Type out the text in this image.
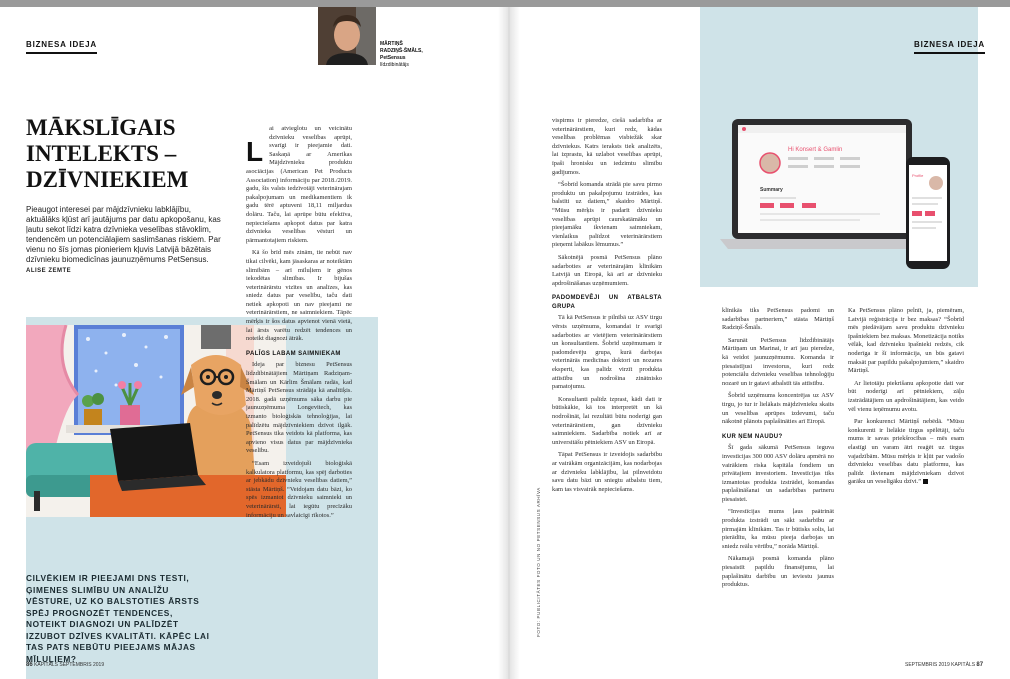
BIZNESA IDEJA	BIZNESA IDEJA
MĀRTIŅŠ
RADZIŅŠ-ŠMĀLS,
PetSensus
līdzdibinātājs
MĀKSLĪGAIS
INTELEKTS –
DZĪVNIEKIEM
Pieaugot interesei par mājdzīvnieku labklājību, aktuālāks kļūst arī jautājums par datu apkopošanu, kas ļautu sekot līdzi katra dzīvnieka veselības stāvoklim, tendencēm un potenciālajiem saslimšanas riskiem. Par vienu no šīs jomas pionieriem kļuvis Latvijā bāzētais dzīvnieku biomedicīnas jaunuzņēmums PetSensus. ALISE ZEMTE
CILVĒKIEM IR PIEEJAMI DNS TESTI, ĢIMENES SLIMĪBU UN ANALĪŽU VĒSTURE, UZ KO BALSTOTIES ĀRSTS SPĒJ PROGNOZĒT TENDENCES, NOTEIKT DIAGNOZI UN PALĪDZĒT IZZUBOT DZĪVES KVALITĀTI. KĀPĒC LAI TAS PATS NEBŪTU PIEEJAMS MĀJAS MĪLUĻIEM?
L

ai atvieglotu un veicinātu dzīvnieku veselības aprūpi, svarīgi ir pieejamie dati. Saskaņā ar Amerikas Mājdzīvnieku produktu asociācijas (American Pet Products Association) informāciju par 2018./2019. gadu, šis valsts iedzīvotāji veterinārajam pakalpojumam un medikamentiem ik gadu tērē aptuveni 18,11 miljardus dolāru. Taču, lai aprūpe būtu efektīva, nepieciešams apkopot datus par katra dzīvnieka veselības vēsturi un pārmantotajiem riskiem.

Kā šo brīd mēs zinām, tie nebūt nav tikai cilvēki, kam jāsaskaras ar noteiktām slimībām – arī mīluļiem ir gēnos iekodētas slimības. Ir bijušas veterinārārstu vizītes un analīzes, kas sniedz datus par veselību, taču dati netiek apkopoti un nav pieejami ne veterinārārstiem, ne saimniekiem. Tāpēc mērķis ir šos datus apvienot vienā vietā, lai ārsts varētu redzēt tendences un noteikt diagnozi ātrāk.

PALĪGS LABAM SAIMNIEKAM

Ideja par biznesu PetSensus līdzdibinātājiem Mārtiņam Radziņam-Šmālam un Kārlim Šmālam radās, kad Mārtiņš PetSensus strādāja kā analītiķis. 2018. gadā uzņēmums sāka darbu pie jaunuzņēmuma Longevitech, kas izmanto bioloģiskās tehnoloģijas, lai palīdzētu mājdzīvniekiem dzīvot ilgāk. PetSensus tika veidots kā platforma, kas apvieno visus datus par mājdzīvnieka veselību.

“Esam izveidojuši bioloģiskā kalkulatora platformu, kas spēj darboties ar jebkādu dzīvnieku veselības datiem,” stāsta Mārtiņš. “Veidojam datu bāzi, ko spēs izmantot dzīvnieku saimnieki un veterinārārsti, lai iegūtu precīzāku informāciju un savlaicīgi rīkotos.”

vispirms ir pieredze, ciešā sadarbība ar veterinārārstiem, kuri redz, kādas veselības problēmas visbiežāk skar dzīvniekus. Katrs ieraksts tiek analizēts, lai izprastu, kā uzlabot veselības aprūpi, īpaši hronisku un iedzimtu slimību gadījumos.

“Šobrīd komanda strādā pie savu pirmo produktu un pakalpojumu izstrādes, kas balstīti uz datiem,” skaidro Mārtiņš. “Mūsu mērķis ir padarīt dzīvnieku veselības aprūpi caurskatāmāku un pieejamāku ikvienam saimniekam, vienlaikus palīdzot veterinārārstiem pieņemt labākus lēmumus.”

Sākotnējā posmā PetSensus plāno sadarboties ar veterinārajām klīnikām Latvijā un Eiropā, kā arī ar dzīvnieku apdrošināšanas uzņēmumiem.

PADOMDEVĒJI UN ATBALSTA GRUPA

Tā kā PetSensus ir pilnībā uz ASV tirgu vērsts uzņēmums, komandai ir svarīgi sadarboties ar vietējiem veterinārārstiem un konsultantiem. Šobrīd uzņēmumam ir padomdevēju grupa, kurā darbojas veterinārās medicīnas doktori un nozares eksperti, kas palīdz virzīt produkta attīstību un nodrošina zinātnisko pamatojumu.

Konsultanti palīdz izprast, kādi dati ir būtiskākie, kā tos interpretēt un kā nodrošināt, lai rezultāti būtu noderīgi gan veterinārārstiem, gan dzīvnieku saimniekiem. Sadarbība notiek arī ar universitāšu pētniekiem ASV un Eiropā.

Tāpat PetSensus ir izveidojis sadarbību ar vairākām organizācijām, kas nodarbojas ar dzīvnieku labklājību, lai pilnveidotu savu datu bāzi un sniegtu atbalstu tiem, kam tas visvairāk nepieciešams.

Hi Konsert & Gamlin
Summary
Profile

klīnikās tiks PetSensus padomi un sadarbības partneriem,” stāsta Mārtiņš Radziņš-Šmāls.

Sarunāt PetSensus līdzdibinātājs Mārtiņam un Marinai, ir arī jau pieredze, kā veidot jaunuzņēmumu. Komanda ir piesaistījusi investorus, kuri redz potenciālu dzīvnieku veselības tehnoloģiju nozarē un ir gatavi atbalstīt tās attīstību.

Šobrīd uzņēmums koncentrējas uz ASV tirgu, jo tur ir lielākais mājdzīvnieku skaits un veselības aprūpes izdevumi, taču nākotnē plānots paplašināties arī Eiropā.

KUR ŅEM NAUDU?

Šī gada sākumā PetSensus ieguva investīcijas 300 000 ASV dolāru apmērā no vairākiem riska kapitāla fondiem un privātajiem investoriem. Investīcijas tiks izmantotas produkta izstrādei, komandas paplašināšanai un sadarbības partneru piesaistei.

“Investīcijas mums ļaus paātrināt produkta izstrādi un sākt sadarbību ar pirmajām klīnikām. Tas ir būtisks solis, lai pierādītu, ka mūsu pieeja darbojas un sniedz reālu vērtību,” norāda Mārtiņš.

Nākamajā posmā komanda plāno piesaistīt papildu finansējumu, lai paplašinātu darbību un ieviestu jaunus produktus.

Ka PetSensus plāno pelnīt, ja, piemēram, Latvijā reģistrācija ir bez maksas? “Šobrīd mēs piedāvājam savu produktu dzīvnieku īpašniekiem bez maksas. Monetizācija notiks vēlāk, kad dzīvnieku īpašnieki redzēs, cik noderīga ir šī informācija, un būs gatavi maksāt par papildu pakalpojumiem,” skaidro Mārtiņš.

Ar lietotāju piekrišanu apkopotie dati var būt noderīgi arī pētniekiem, zāļu izstrādātājiem un apdrošinātājiem, kas veido vēl vienu ieņēmumu avotu.

Par konkurenci Mārtiņš nebēdā. “Mūsu konkurenti ir lielākie tirgus spēlētāji, taču mums ir savas priekšrocības – mēs esam elastīgi un varam ātri reaģēt uz tirgus vajadzībām. Mūsu mērķis ir kļūt par vadošo dzīvnieku veselības datu platformu, kas palīdz ikvienam mājdzīvniekam dzīvot garāku un veselīgāku dzīvi.”

FOTO: PUBLICITĀTES FOTO UN NO PETSENSUS ARHĪVA
86 KAPITĀLS SEPTEMBRIS 2019	SEPTEMBRIS 2019 KAPITĀLS 87
